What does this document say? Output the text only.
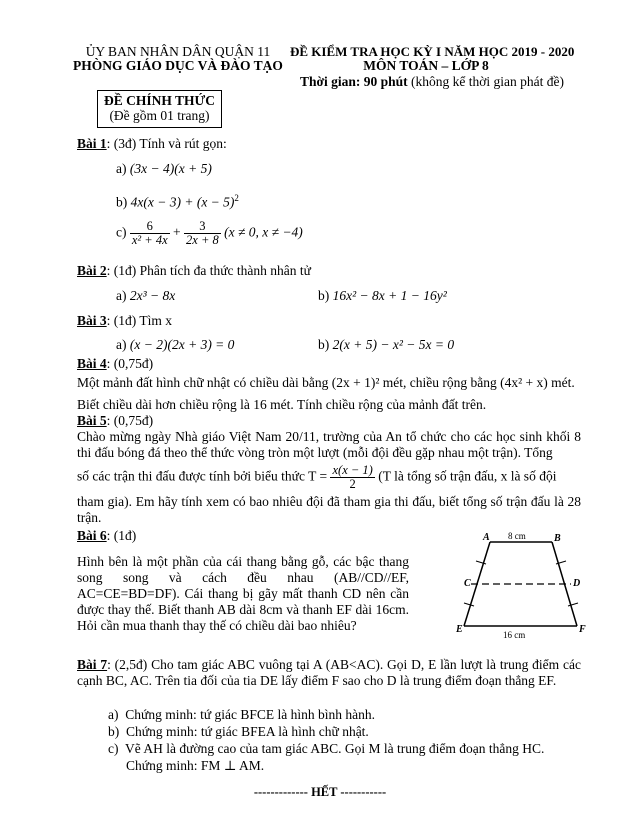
ỦY BAN NHÂN DÂN QUẬN 11
PHÒNG GIÁO DỤC VÀ ĐÀO TẠO
ĐỀ KIỂM TRA HỌC KỲ I NĂM HỌC 2019 - 2020
MÔN TOÁN – LỚP 8
Thời gian: 90 phút (không kể thời gian phát đề)
ĐỀ CHÍNH THỨC
(Đề gồm 01 trang)
Bài 1: (3đ) Tính và rút gọn:
a) (3x − 4)(x + 5)
b) $4x(x - 3) + (x - 5)^2$
$c) \frac{6}{\text{x² + 4x}} + \frac{3}{2x + 8} (x \ne 0$, x ≠ −4)
Bài 2: (1đ) Phân tích đa thức thành nhân tử
a) 2x³ − 8x	b) 16x² − 8x + 1 − 16y²
Bài 3: (1đ) Tìm x
a) (x − 2)(2x + 3) = 0	b) 2(x + 5) − x² − 5x = 0
Bài 4: (0,75đ)
Một mảnh đất hình chữ nhật có chiều dài bằng (2x + 1)² mét, chiều rộng bằng (4x² + x) mét.
Biết chiều dài hơn chiều rộng là 16 mét. Tính chiều rộng của mảnh đất trên.
Bài 5: (0,75đ)
Chào mừng ngày Nhà giáo Việt Nam 20/11, trường của An tổ chức cho các học sinh khối 8 thi đấu bóng đá theo thể thức vòng tròn một lượt (mỗi đội đều gặp nhau một trận). Tổng
số các trận thi đấu được tính bởi biểu thức $T = \frac{x(x - 1)}{2} (T$ là tổng số trận đấu, x là số đội
tham gia). Em hãy tính xem có bao nhiêu đội đã tham gia thi đấu, biết tổng số trận đấu là 28 trận.
Bài 6: (1đ)
Hình bên là một phần của cái thang bằng gỗ, các bậc thang song song và cách đều nhau (AB//CD//EF, AC=CE=BD=DF). Cái thang bị gãy mất thanh CD nên cần được thay thế. Biết thanh AB dài 8cm và thanh EF dài 16cm. Hỏi cần mua thanh thay thế có chiều dài bao nhiêu?
A	B
C	D
E	F
8 cm
16 cm
Bài 7: (2,5đ) Cho tam giác ABC vuông tại A (AB<AC). Gọi D, E lần lượt là trung điểm các cạnh BC, AC. Trên tia đối của tia DE lấy điểm F sao cho D là trung điểm đoạn thẳng EF.
a) Chứng minh: tứ giác BFCE là hình bình hành.
b) Chứng minh: tứ giác BFEA là hình chữ nhật.
c) Vẽ AH là đường cao của tam giác ABC. Gọi M là trung điểm đoạn thẳng HC.
Chứng minh: FM ⊥ AM.
------------- HẾT -----------
